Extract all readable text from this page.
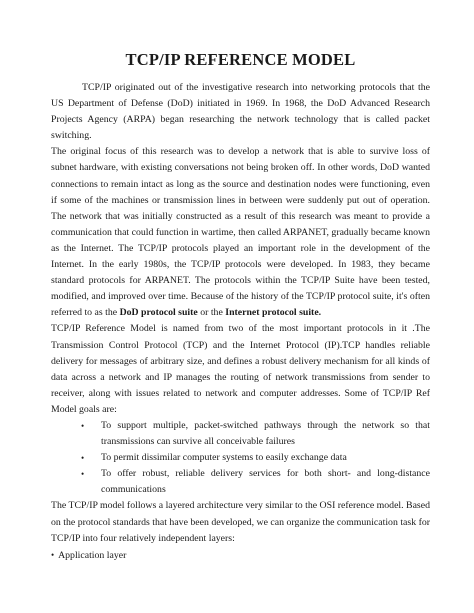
TCP/IP REFERENCE MODEL

TCP/IP originated out of the investigative research into networking protocols that the US Department of Defense (DoD) initiated in 1969. In 1968, the DoD Advanced Research Projects Agency (ARPA) began researching the network technology that is called packet switching.

The original focus of this research was to develop a network that is able to survive loss of subnet hardware, with existing conversations not being broken off. In other words, DoD wanted connections to remain intact as long as the source and destination nodes were functioning, even if some of the machines or transmission lines in between were suddenly put out of operation. The network that was initially constructed as a result of this research was meant to provide a communication that could function in wartime, then called ARPANET, gradually became known as the Internet. The TCP/IP protocols played an important role in the development of the Internet. In the early 1980s, the TCP/IP protocols were developed. In 1983, they became standard protocols for ARPANET. The protocols within the TCP/IP Suite have been tested, modified, and improved over time. Because of the history of the TCP/IP protocol suite, it's often referred to as the DoD protocol suite or the Internet protocol suite.

TCP/IP Reference Model is named from two of the most important protocols in it .The Transmission Control Protocol (TCP) and the Internet Protocol (IP).TCP handles reliable delivery for messages of arbitrary size, and defines a robust delivery mechanism for all kinds of data across a network and IP manages the routing of network transmissions from sender to receiver, along with issues related to network and computer addresses. Some of TCP/IP Ref Model goals are:

• To support multiple, packet-switched pathways through the network so that transmissions can survive all conceivable failures
• To permit dissimilar computer systems to easily exchange data
• To offer robust, reliable delivery services for both short- and long-distance communications

The TCP/IP model follows a layered architecture very similar to the OSI reference model. Based on the protocol standards that have been developed, we can organize the communication task for TCP/IP into four relatively independent layers:

• Application layer
